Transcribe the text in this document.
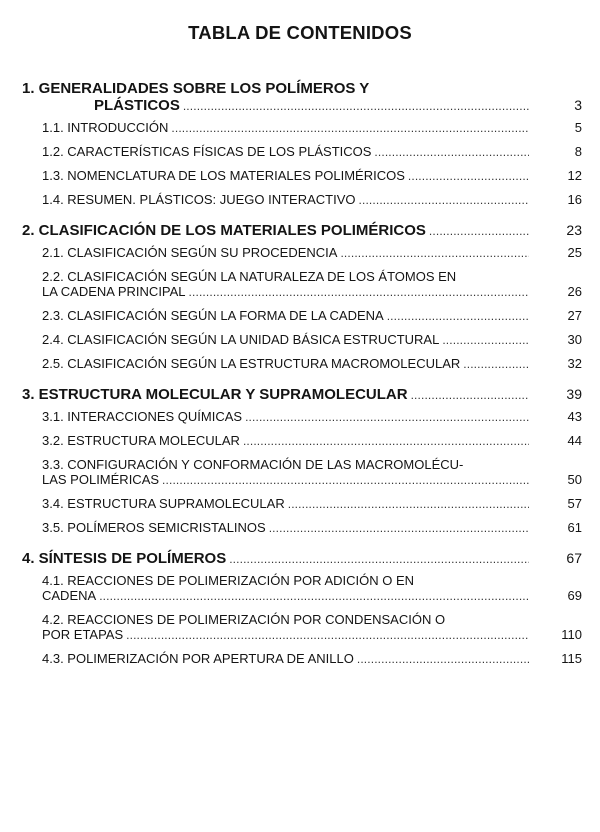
TABLA DE CONTENIDOS
1. GENERALIDADES SOBRE LOS POLÍMEROS Y
PLÁSTICOS . . .	3
1.1. INTRODUCCIÓN . . .	5
1.2. CARACTERÍSTICAS FÍSICAS DE LOS PLÁSTICOS . . .	8
1.3. NOMENCLATURA DE LOS MATERIALES POLIMÉRICOS . . .	12
1.4. RESUMEN. PLÁSTICOS: JUEGO INTERACTIVO . . .	16
2. CLASIFICACIÓN DE LOS MATERIALES POLIMÉRICOS . . .	23
2.1. CLASIFICACIÓN SEGÚN SU PROCEDENCIA . . .	25
2.2. CLASIFICACIÓN SEGÚN LA NATURALEZA DE LOS ÁTOMOS EN
LA CADENA PRINCIPAL . . .	26
2.3. CLASIFICACIÓN SEGÚN LA FORMA DE LA CADENA . . .	27
2.4. CLASIFICACIÓN SEGÚN LA UNIDAD BÁSICA ESTRUCTURAL . . .	30
2.5. CLASIFICACIÓN SEGÚN LA ESTRUCTURA MACROMOLECULAR . . .	32
3. ESTRUCTURA MOLECULAR Y SUPRAMOLECULAR . . .	39
3.1. INTERACCIONES QUÍMICAS . . .	43
3.2. ESTRUCTURA MOLECULAR . . .	44
3.3. CONFIGURACIÓN Y CONFORMACIÓN DE LAS MACROMOLÉCU-
LAS POLIMÉRICAS . . .	50
3.4. ESTRUCTURA SUPRAMOLECULAR . . .	57
3.5. POLÍMEROS SEMICRISTALINOS . . .	61
4. SÍNTESIS DE POLÍMEROS . . .	67
4.1. REACCIONES DE POLIMERIZACIÓN POR ADICIÓN O EN
CADENA . . .	69
4.2. REACCIONES DE POLIMERIZACIÓN POR CONDENSACIÓN O
POR ETAPAS . . .	110
4.3. POLIMERIZACIÓN POR APERTURA DE ANILLO . . .	115
